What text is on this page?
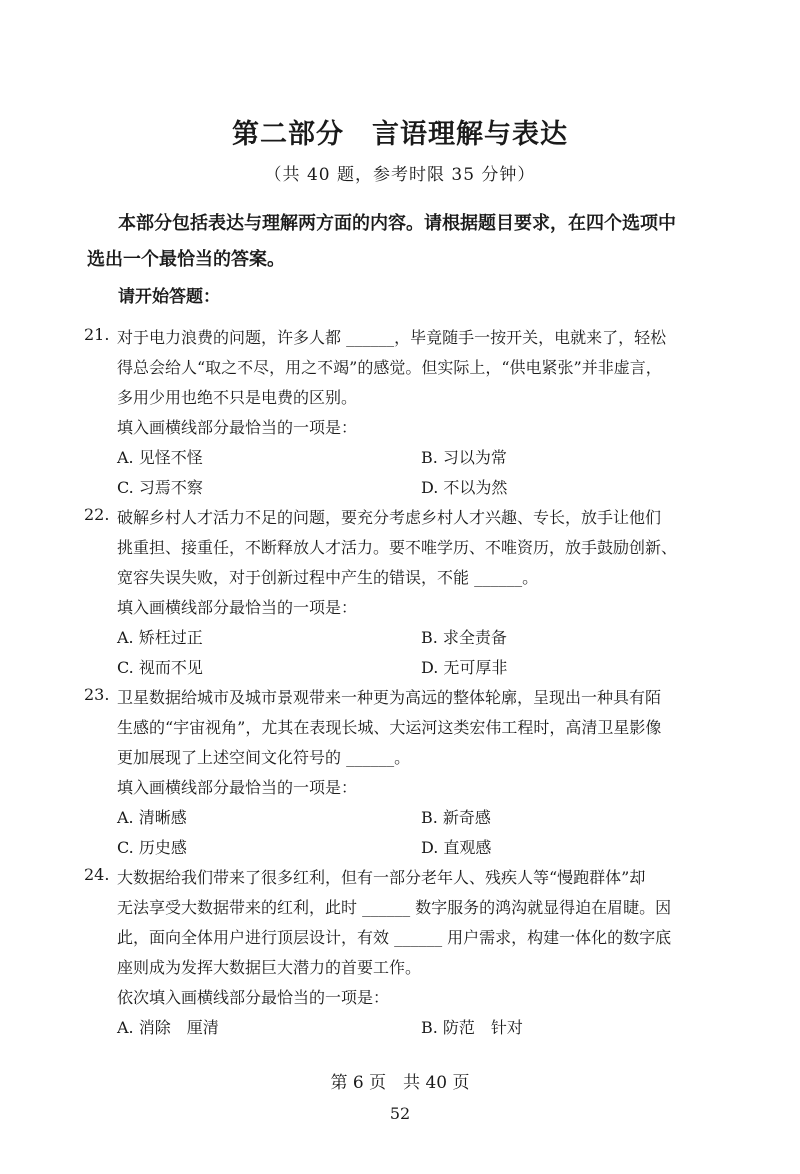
第二部分　言语理解与表达
（共 40 题，参考时限 35 分钟）
本部分包括表达与理解两方面的内容。请根据题目要求，在四个选项中
选出一个最恰当的答案。
请开始答题：
21. 对于电力浪费的问题，许多人都 ______，毕竟随手一按开关，电就来了，轻松
得总会给人“取之不尽，用之不竭”的感觉。但实际上，“供电紧张”并非虚言，
多用少用也绝不只是电费的区别。
填入画横线部分最恰当的一项是：
A. 见怪不怪	B. 习以为常
C. 习焉不察	D. 不以为然
22. 破解乡村人才活力不足的问题，要充分考虑乡村人才兴趣、专长，放手让他们
挑重担、接重任，不断释放人才活力。要不唯学历、不唯资历，放手鼓励创新、
宽容失误失败，对于创新过程中产生的错误，不能 ______。
填入画横线部分最恰当的一项是：
A. 矫枉过正	B. 求全责备
C. 视而不见	D. 无可厚非
23. 卫星数据给城市及城市景观带来一种更为高远的整体轮廓，呈现出一种具有陌
生感的“宇宙视角”，尤其在表现长城、大运河这类宏伟工程时，高清卫星影像
更加展现了上述空间文化符号的 ______。
填入画横线部分最恰当的一项是：
A. 清晰感	B. 新奇感
C. 历史感	D. 直观感
24. 大数据给我们带来了很多红利，但有一部分老年人、残疾人等“慢跑群体”却
无法享受大数据带来的红利，此时 ______ 数字服务的鸿沟就显得迫在眉睫。因
此，面向全体用户进行顶层设计，有效 ______ 用户需求，构建一体化的数字底
座则成为发挥大数据巨大潜力的首要工作。
依次填入画横线部分最恰当的一项是：
A. 消除　厘清	B. 防范　针对
第 6 页　共 40 页
52
